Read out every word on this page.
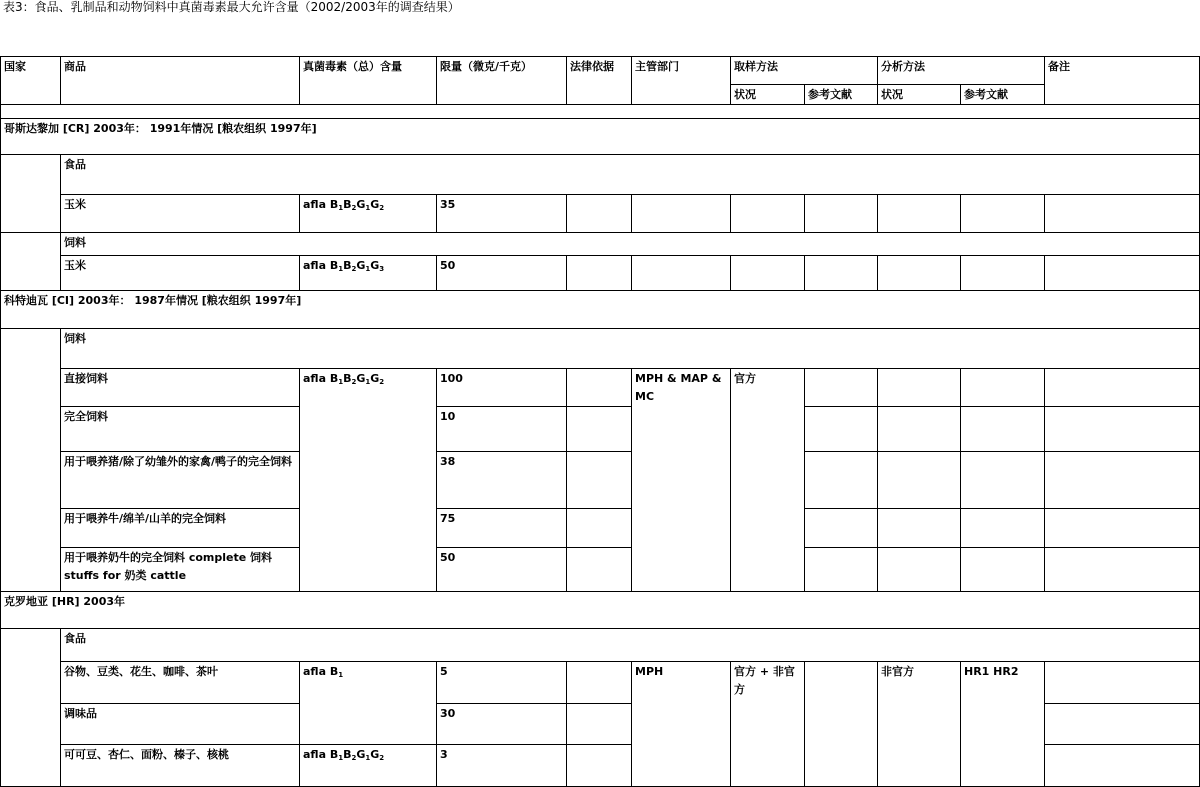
表3：食品、乳制品和动物饲料中真菌毒素最大允许含量（2002/2003年的调查结果）
国家	商品	真菌毒素（总）含量	限量（微克/千克）	法律依据	主管部门	取样方法		分析方法		备注
						状况	参考文献	状况	参考文献	

哥斯达黎加 [CR] 2003年： 1991年情况 [粮农组织 1997年]										
	食品									
	玉米	afla $B_1B_2G_1G_2$	35							
	饲料									
	玉米	afla $B_1B_2G_1G_3$	50							
科特迪瓦 [CI] 2003年： 1987年情况 [粮农组织 1997年]										
	饲料									
	直接饲料	afla $B_1B_2G_1G_2$	100		MPH & MAP & MC	官方				
	完全饲料		10							
	用于喂养猪/除了幼雏外的家禽/鸭子的完全饲料		38							
	用于喂养牛/绵羊/山羊的完全饲料		75							
	用于喂养奶牛的完全饲料 complete 饲料stuffs for 奶类 cattle		50							
克罗地亚 [HR] 2003年										
	食品									
	谷物、豆类、花生、咖啡、茶叶	afla $B_1$	5		MPH	官方 + 非官方		非官方	HR1 HR2	
	调味品		30							
	可可豆、杏仁、面粉、榛子、核桃	afla $B_1B_2G_1G_2$	3							
